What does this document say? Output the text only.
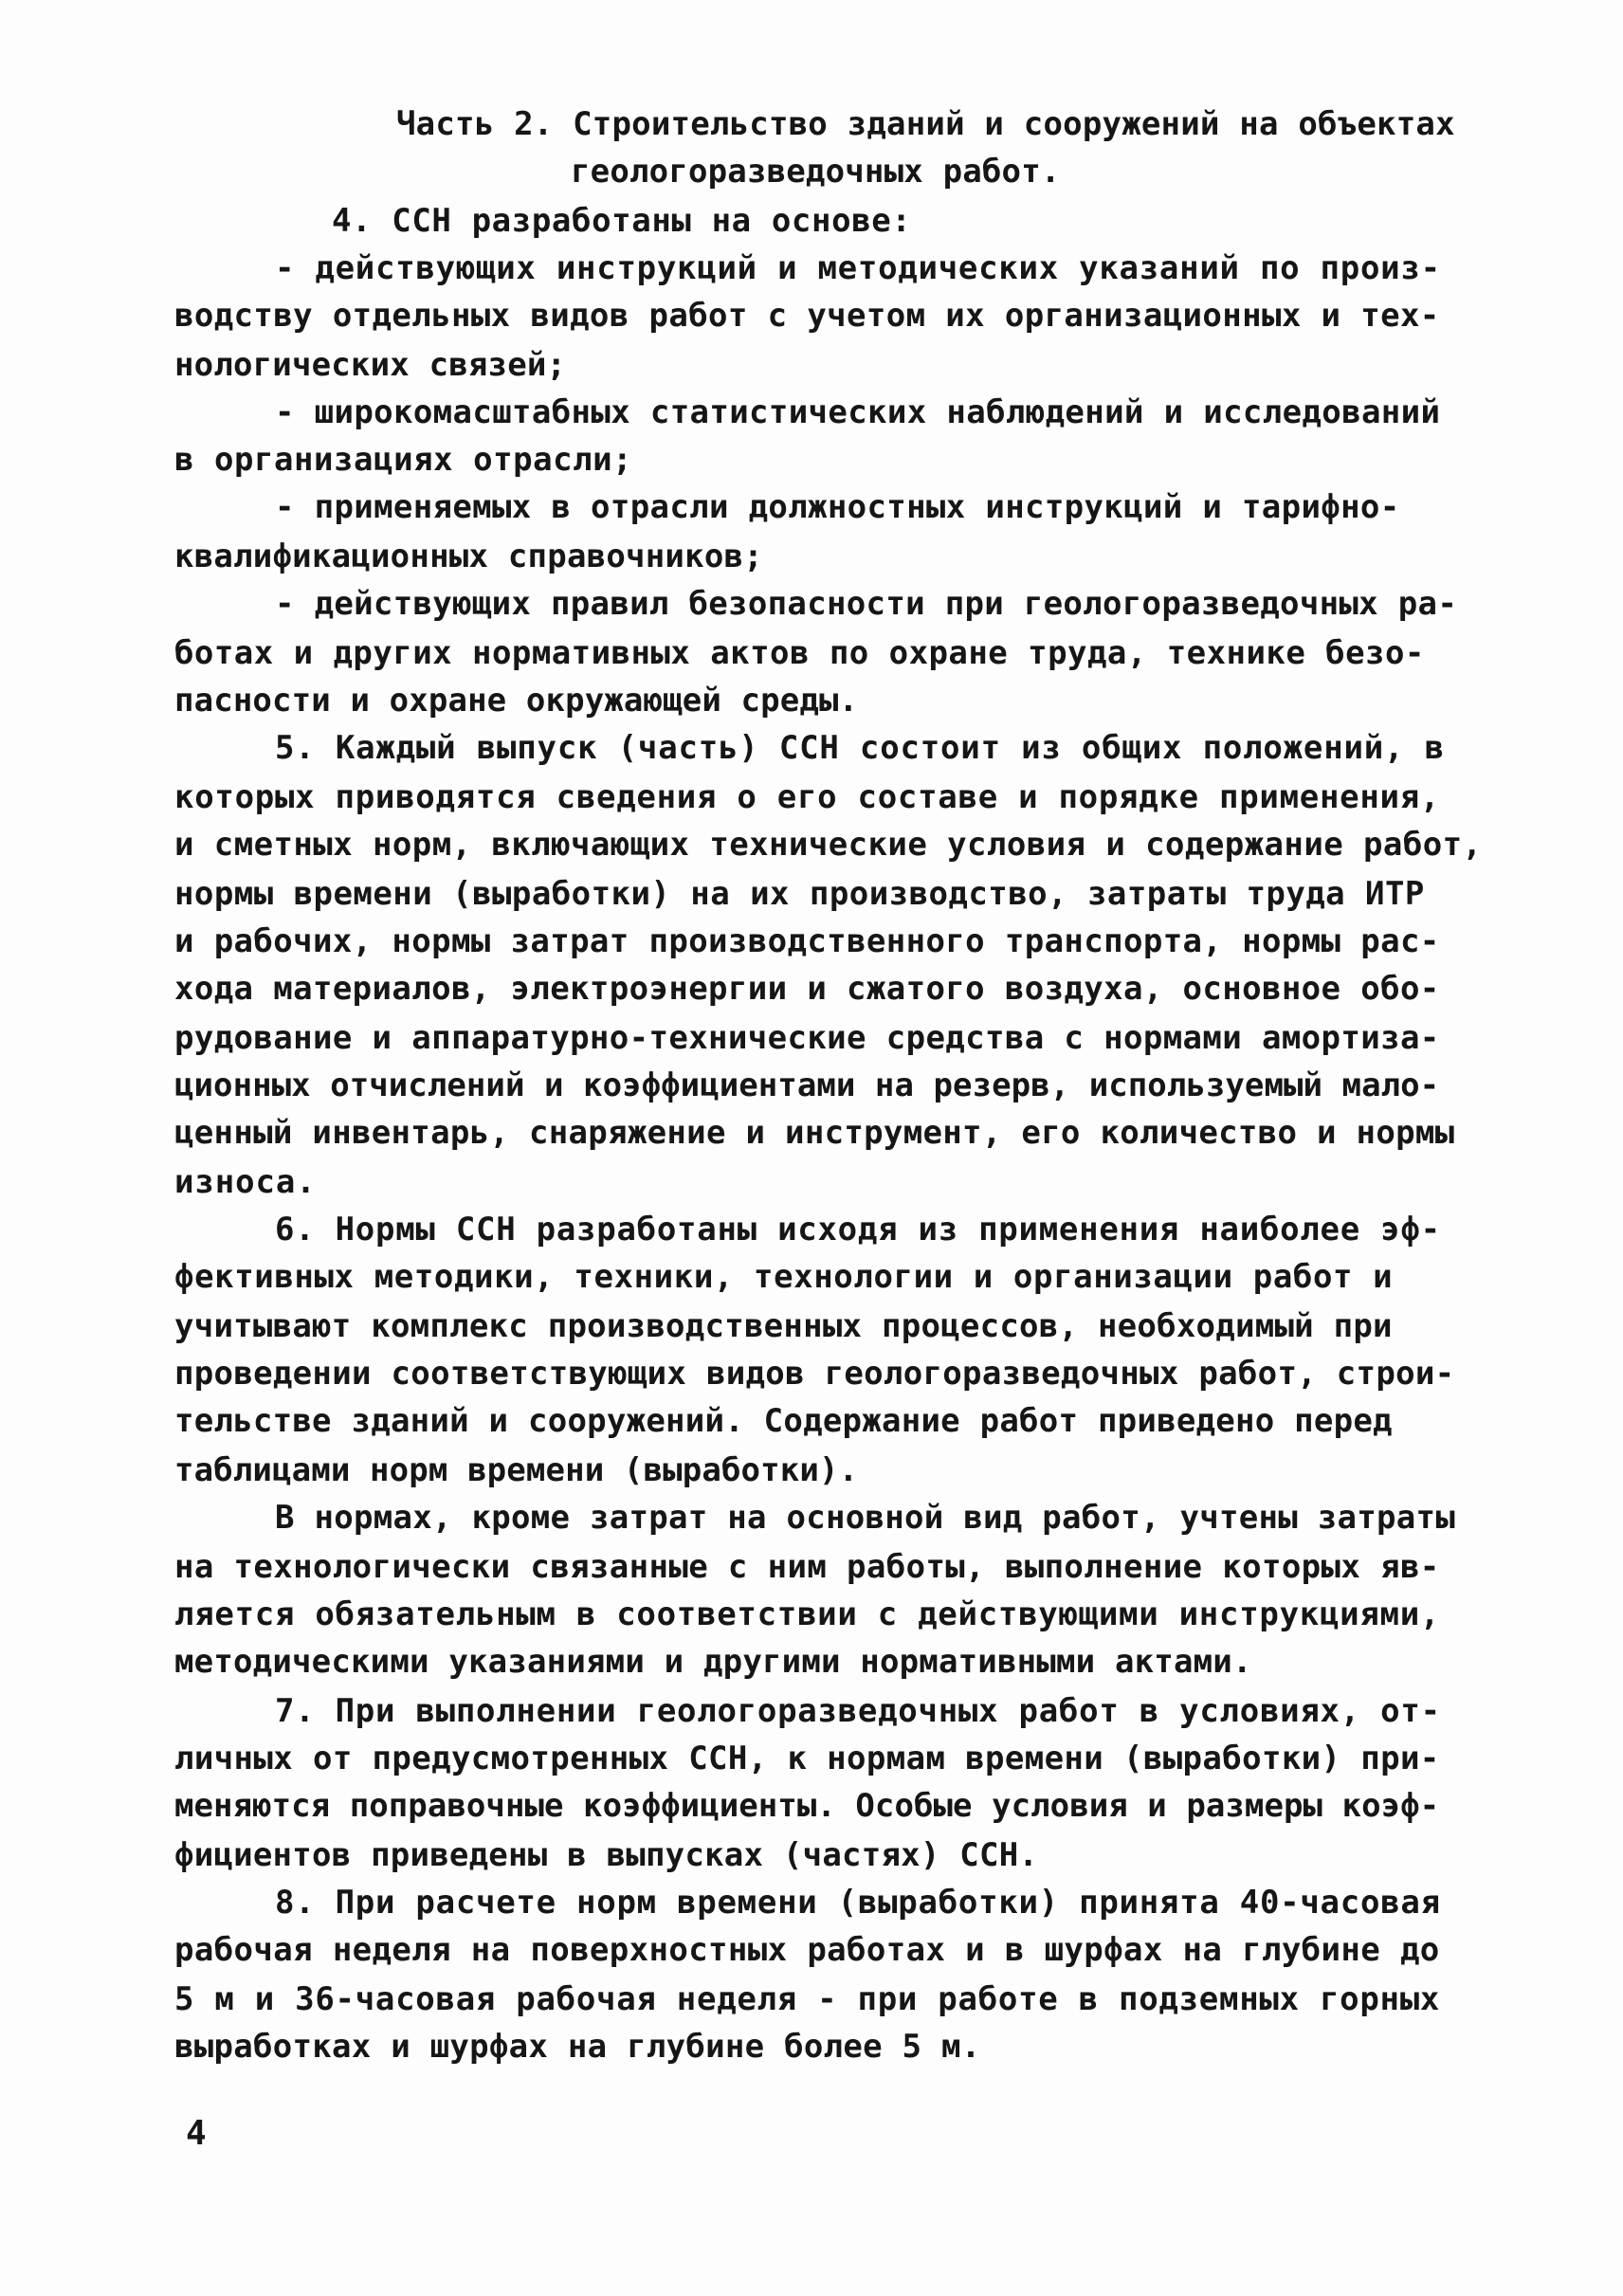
Часть 2. Строительство зданий и сооружений на объектах
геологоразведочных работ.
4. ССН разработаны на основе:
- действующих инструкций и методических указаний по произ-
водству отдельных видов работ с учетом их организационных и тех-
нологических связей;
- широкомасштабных статистических наблюдений и исследований
в организациях отрасли;
- применяемых в отрасли должностных инструкций и тарифно-
квалификационных справочников;
- действующих правил безопасности при геологоразведочных ра-
ботах и других нормативных актов по охране труда, технике безо-
пасности и охране окружающей среды.
5. Каждый выпуск (часть) ССН состоит из общих положений, в
которых приводятся сведения о его составе и порядке применения,
и сметных норм, включающих технические условия и содержание работ,
нормы времени (выработки) на их производство, затраты труда ИТР
и рабочих, нормы затрат производственного транспорта, нормы рас-
хода материалов, электроэнергии и сжатого воздуха, основное обо-
рудование и аппаратурно-технические средства с нормами амортиза-
ционных отчислений и коэффициентами на резерв, используемый мало-
ценный инвентарь, снаряжение и инструмент, его количество и нормы
износа.
6. Нормы ССН разработаны исходя из применения наиболее эф-
фективных методики, техники, технологии и организации работ и
учитывают комплекс производственных процессов, необходимый при
проведении соответствующих видов геологоразведочных работ, строи-
тельстве зданий и сооружений. Содержание работ приведено перед
таблицами норм времени (выработки).
В нормах, кроме затрат на основной вид работ, учтены затраты
на технологически связанные с ним работы, выполнение которых яв-
ляется обязательным в соответствии с действующими инструкциями,
методическими указаниями и другими нормативными актами.
7. При выполнении геологоразведочных работ в условиях, от-
личных от предусмотренных ССН, к нормам времени (выработки) при-
меняются поправочные коэффициенты. Особые условия и размеры коэф-
фициентов приведены в выпусках (частях) ССН.
8. При расчете норм времени (выработки) принята 40-часовая
рабочая неделя на поверхностных работах и в шурфах на глубине до
5 м и 36-часовая рабочая неделя - при работе в подземных горных
выработках и шурфах на глубине более 5 м.
4
